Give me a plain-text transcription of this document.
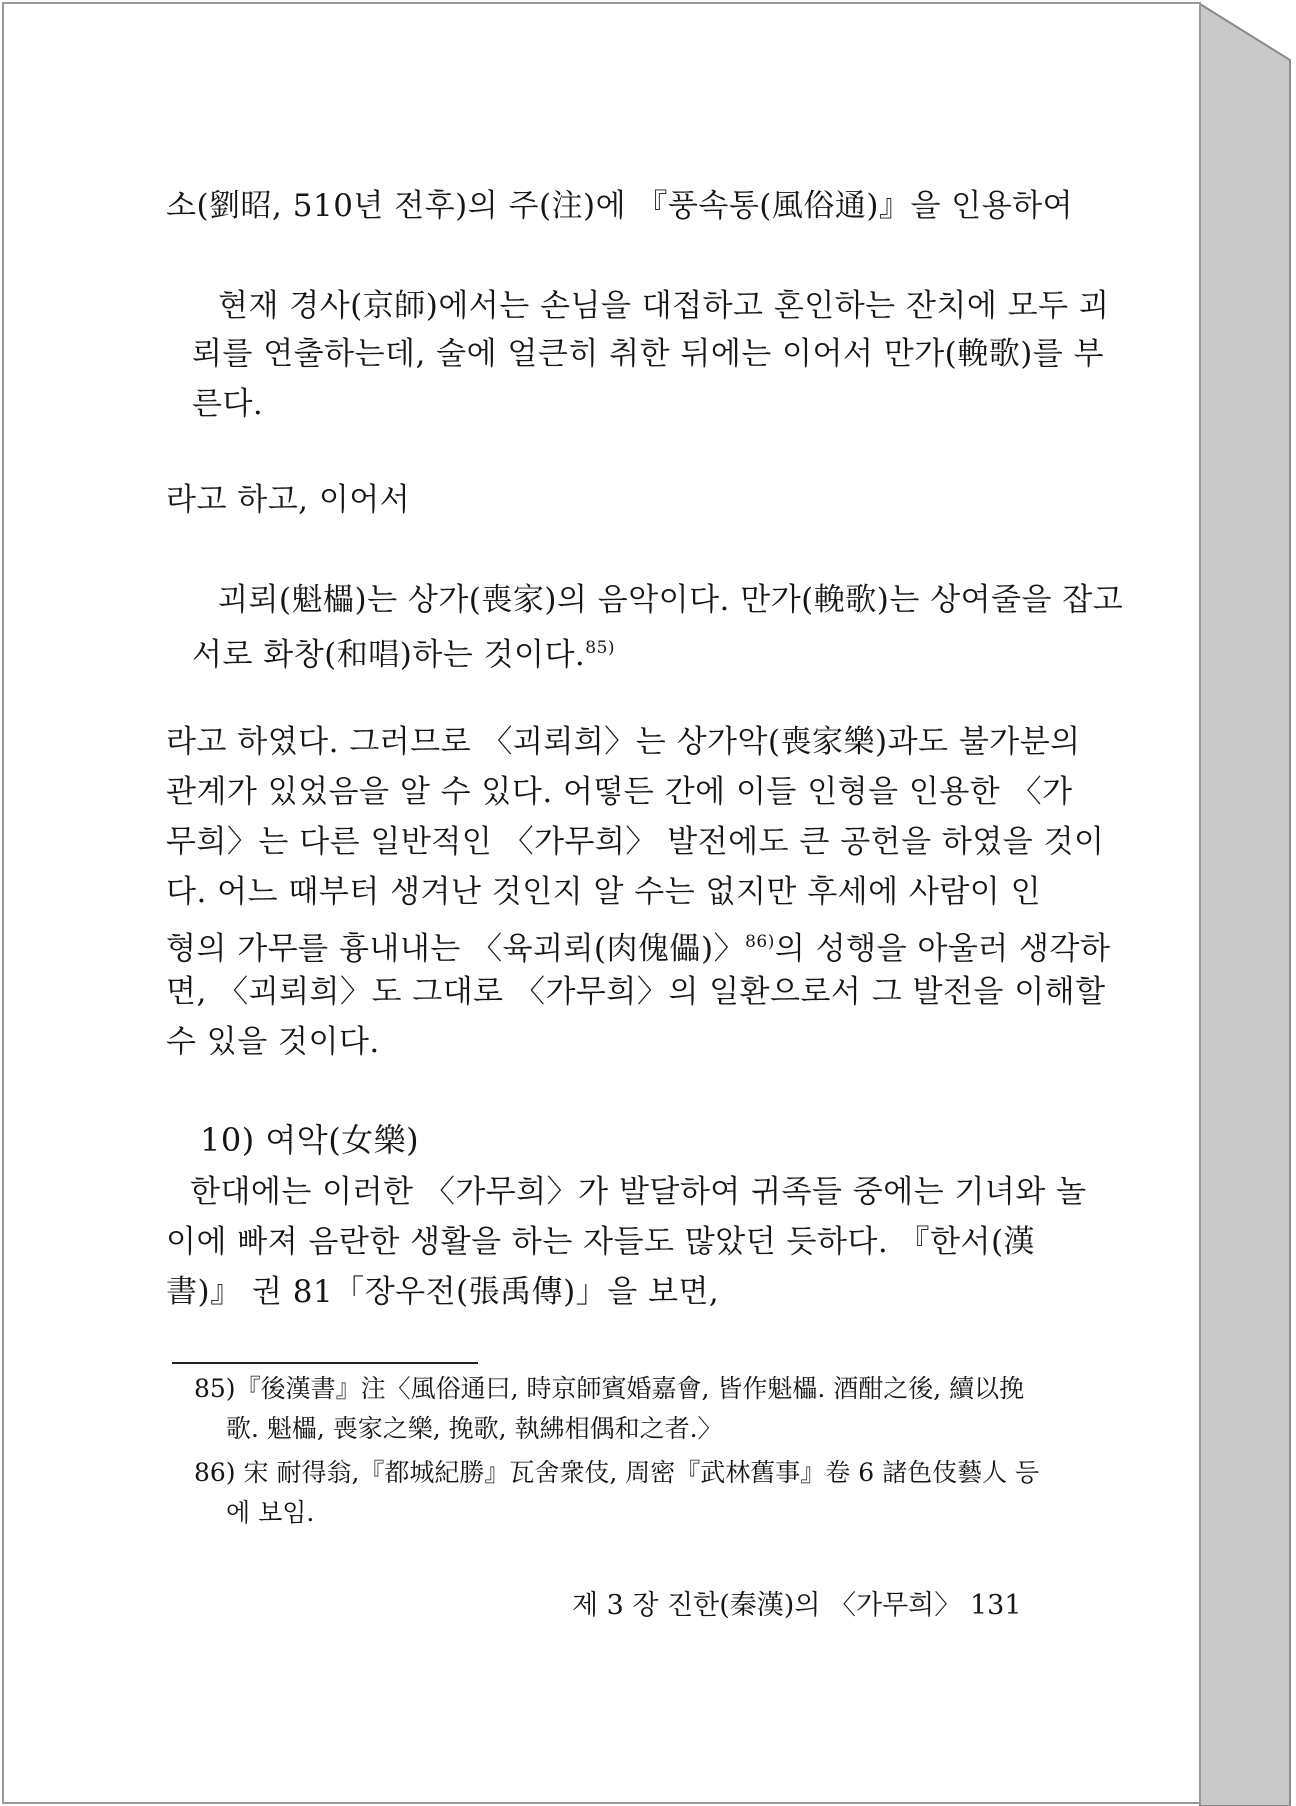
소(劉昭, 510년 전후)의 주(注)에 『풍속통(風俗通)』을 인용하여
현재 경사(京師)에서는 손님을 대접하고 혼인하는 잔치에 모두 괴
뢰를 연출하는데, 술에 얼큰히 취한 뒤에는 이어서 만가(輓歌)를 부
른다.
라고 하고, 이어서
괴뢰(魁櫑)는 상가(喪家)의 음악이다. 만가(輓歌)는 상여줄을 잡고
서로 화창(和唱)하는 것이다.$^{85)}$
라고 하였다. 그러므로 〈괴뢰희〉는 상가악(喪家樂)과도 불가분의
관계가 있었음을 알 수 있다. 어떻든 간에 이들 인형을 인용한 〈가
무희〉는 다른 일반적인 〈가무희〉 발전에도 큰 공헌을 하였을 것이
다. 어느 때부터 생겨난 것인지 알 수는 없지만 후세에 사람이 인
형의 가무를 흉내내는 〈육괴뢰(肉傀儡)〉$^{86)}$의 성행을 아울러 생각하
면, 〈괴뢰희〉도 그대로 〈가무희〉의 일환으로서 그 발전을 이해할
수 있을 것이다.
10) 여악(女樂)
한대에는 이러한 〈가무희〉가 발달하여 귀족들 중에는 기녀와 놀
이에 빠져 음란한 생활을 하는 자들도 많았던 듯하다. 『한서(漢
書)』 권 81「장우전(張禹傳)」을 보면,
85)『後漢書』注〈風俗通曰, 時京師賓婚嘉會, 皆作魁櫑. 酒酣之後, 續以挽
歌. 魁櫑, 喪家之樂, 挽歌, 執紼相偶和之者.〉
86) 宋 耐得翁,『都城紀勝』瓦舍衆伎, 周密『武林舊事』卷 6 諸色伎藝人 등
에 보임.
제 3 장 진한(秦漢)의 〈가무희〉 131
